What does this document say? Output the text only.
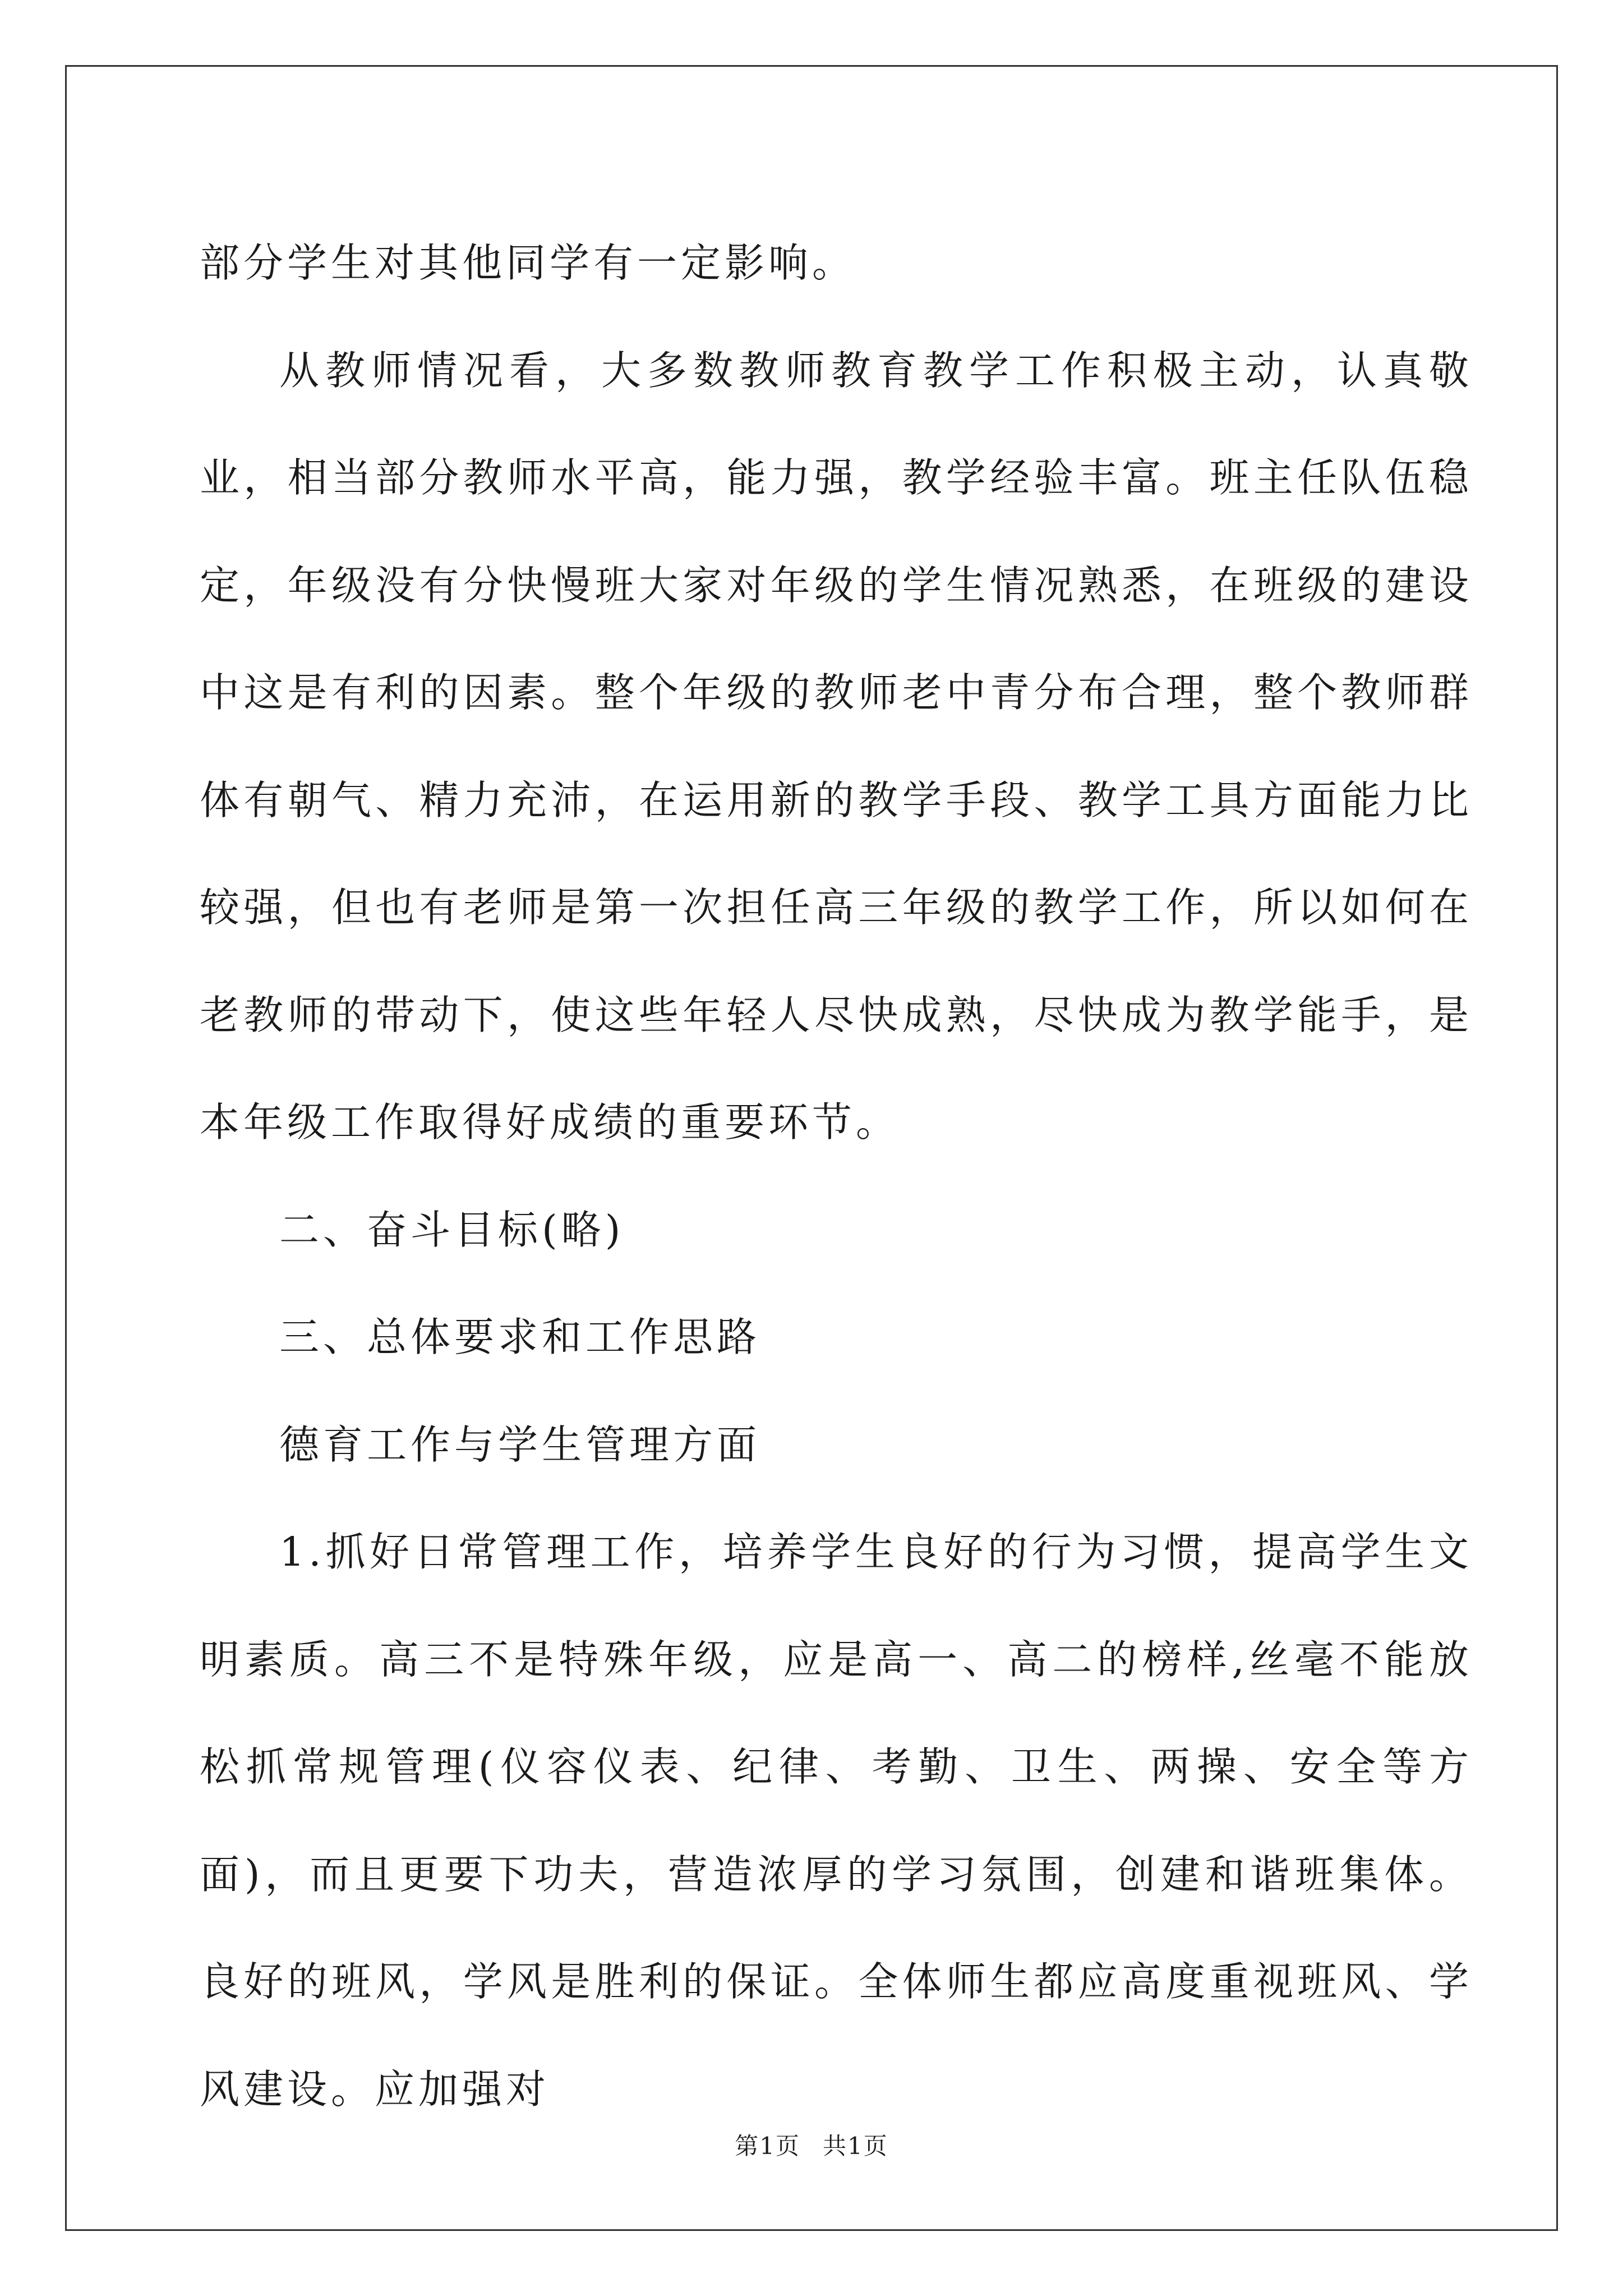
部分学生对其他同学有一定影响。

从教师情况看，大多数教师教育教学工作积极主动，认真敬业，相当部分教师水平高，能力强，教学经验丰富。班主任队伍稳定，年级没有分快慢班大家对年级的学生情况熟悉，在班级的建设中这是有利的因素。整个年级的教师老中青分布合理，整个教师群体有朝气、精力充沛，在运用新的教学手段、教学工具方面能力比较强，但也有老师是第一次担任高三年级的教学工作，所以如何在老教师的带动下，使这些年轻人尽快成熟，尽快成为教学能手，是本年级工作取得好成绩的重要环节。

二、奋斗目标(略)

三、总体要求和工作思路

德育工作与学生管理方面

1.抓好日常管理工作，培养学生良好的行为习惯，提高学生文明素质。高三不是特殊年级，应是高一、高二的榜样,丝毫不能放松抓常规管理(仪容仪表、纪律、考勤、卫生、两操、安全等方面)，而且更要下功夫，营造浓厚的学习氛围，创建和谐班集体。良好的班风，学风是胜利的保证。全体师生都应高度重视班风、学风建设。应加强对

第1页 共1页
